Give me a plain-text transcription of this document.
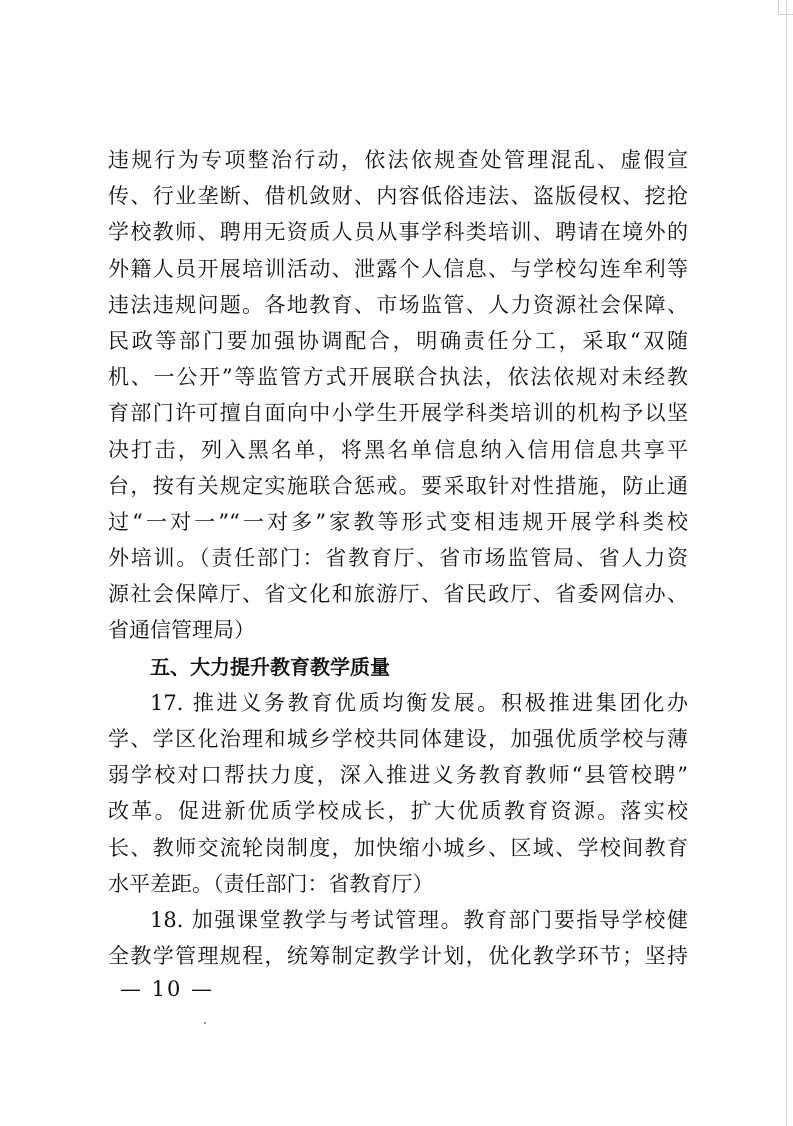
违规行为专项整治行动，依法依规查处管理混乱、虚假宣
传、行业垄断、借机敛财、内容低俗违法、盗版侵权、挖抢
学校教师、聘用无资质人员从事学科类培训、聘请在境外的
外籍人员开展培训活动、泄露个人信息、与学校勾连牟利等
违法违规问题。各地教育、市场监管、人力资源社会保障、
民政等部门要加强协调配合，明确责任分工，采取“双随
机、一公开”等监管方式开展联合执法，依法依规对未经教
育部门许可擅自面向中小学生开展学科类培训的机构予以坚
决打击，列入黑名单，将黑名单信息纳入信用信息共享平
台，按有关规定实施联合惩戒。要采取针对性措施，防止通
过“一对一”“一对多”家教等形式变相违规开展学科类校
外培训。（责任部门：省教育厅、省市场监管局、省人力资
源社会保障厅、省文化和旅游厅、省民政厅、省委网信办、
省通信管理局）
五、大力提升教育教学质量
17. 推进义务教育优质均衡发展。积极推进集团化办
学、学区化治理和城乡学校共同体建设，加强优质学校与薄
弱学校对口帮扶力度，深入推进义务教育教师“县管校聘”
改革。促进新优质学校成长，扩大优质教育资源。落实校
长、教师交流轮岗制度，加快缩小城乡、区域、学校间教育
水平差距。（责任部门：省教育厅）
18. 加强课堂教学与考试管理。教育部门要指导学校健
全教学管理规程，统筹制定教学计划，优化教学环节；坚持
— 10 —
